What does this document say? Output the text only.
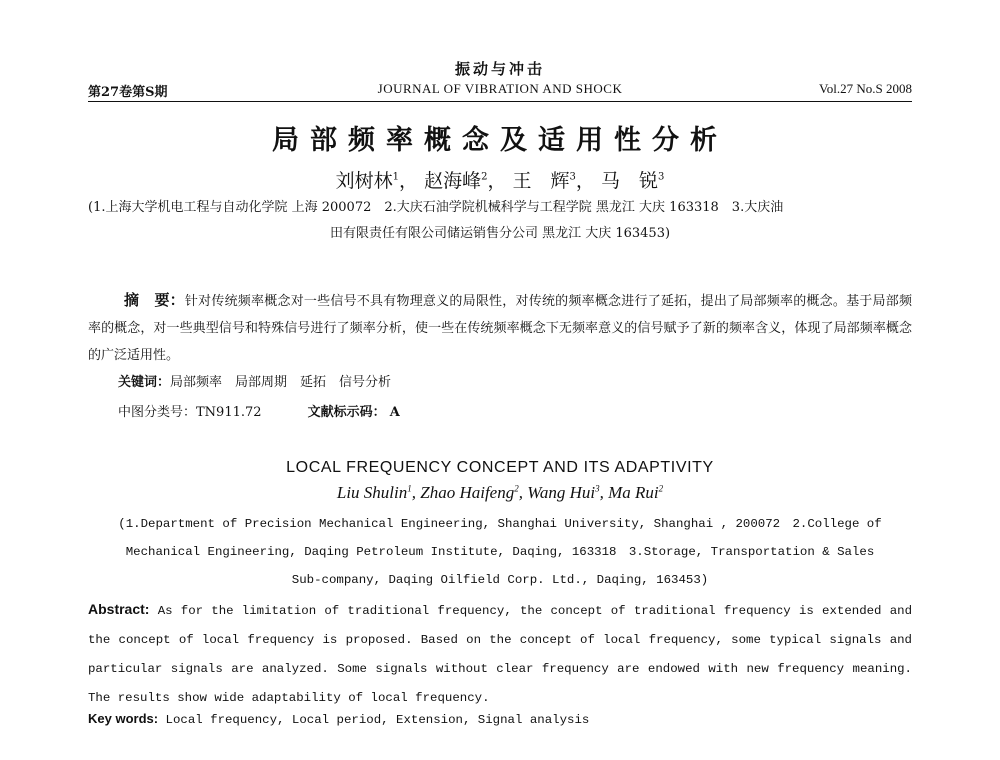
振动与冲击
第27卷第S期	JOURNAL OF VIBRATION AND SHOCK	Vol.27 No.S 2008
局部频率概念及适用性分析
刘树林$^1$， 赵海峰$^2$， 王　辉$^3$， 马　锐$^3$
(1.上海大学机电工程与自动化学院 上海 200072　2.大庆石油学院机械科学与工程学院 黑龙江 大庆 163318　3.大庆油
田有限责任有限公司储运销售分公司 黑龙江 大庆 163453)
摘　要：针对传统频率概念对一些信号不具有物理意义的局限性，对传统的频率概念进行了延拓，提出了局部频率的概念。基于局部频率的概念，对一些典型信号和特殊信号进行了频率分析，使一些在传统频率概念下无频率意义的信号赋予了新的频率含义，体现了局部频率概念的广泛适用性。
关键词：局部频率　局部周期　延拓　信号分析
中图分类号：TN911.72	文献标示码： A
LOCAL FREQUENCY CONCEPT AND ITS ADAPTIVITY
Liu Shulin$^1$, Zhao Haifeng$^2$, Wang Hui$^3$, Ma Rui$^2$
(1.Department of Precision Mechanical Engineering, Shanghai University, Shanghai , 200072　2.College of
Mechanical Engineering, Daqing Petroleum Institute, Daqing, 163318　3.Storage, Transportation & Sales
Sub-company, Daqing Oilfield Corp. Ltd., Daqing, 163453)
Abstract: As for the limitation of traditional frequency, the concept of traditional frequency is extended and the concept of local frequency is proposed. Based on the concept of local frequency, some typical signals and particular signals are analyzed. Some signals without clear frequency are endowed with new frequency meaning. The results show wide adaptability of local frequency.
Key words: Local frequency, Local period, Extension, Signal analysis
